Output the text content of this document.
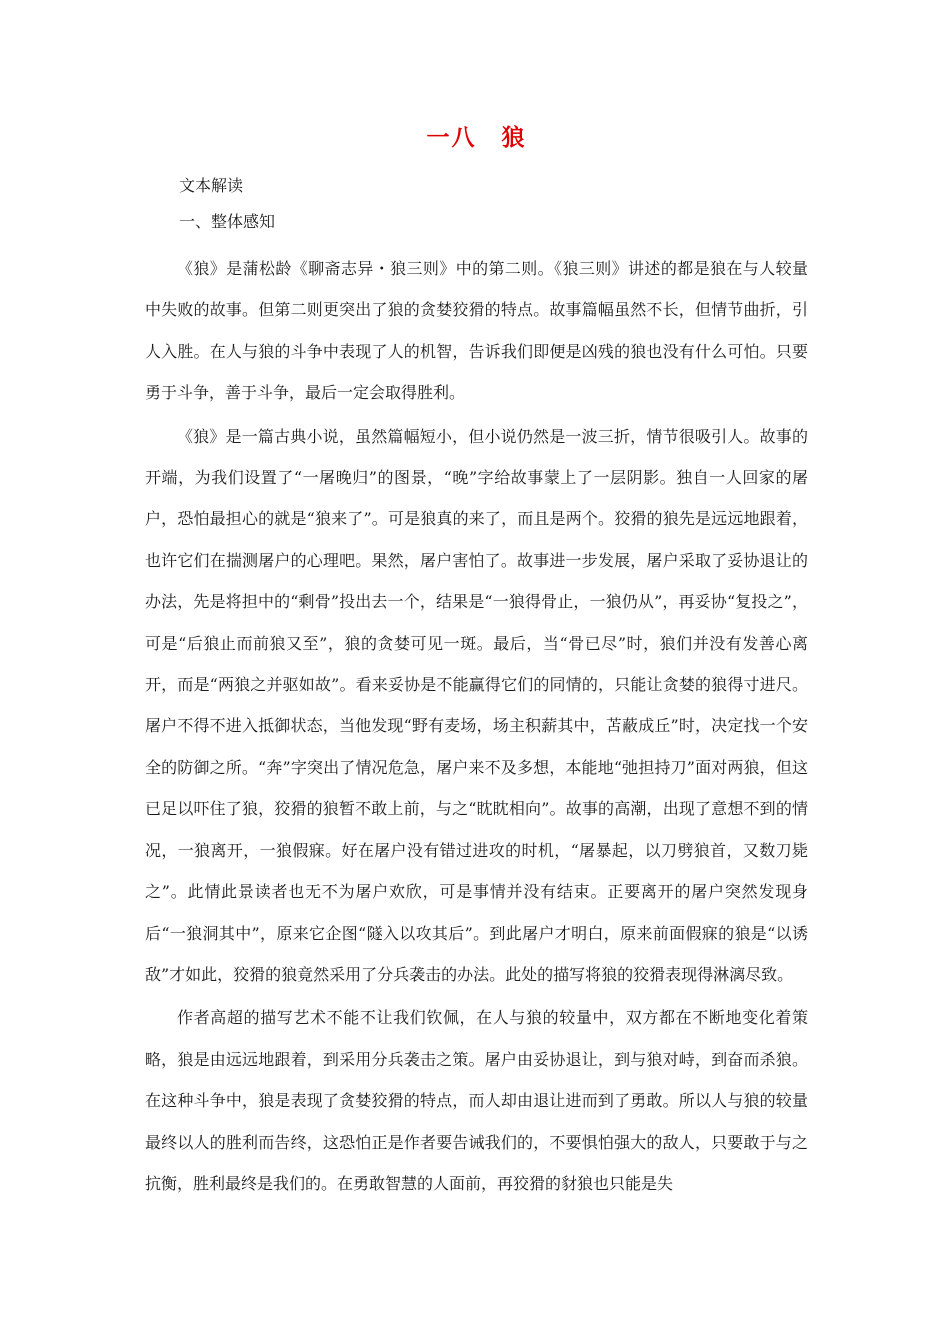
一八　狼
文本解读
一、整体感知

《狼》是蒲松龄《聊斋志异・狼三则》中的第二则。《狼三则》讲述的都是狼在与人较量中失败的故事。但第二则更突出了狼的贪婪狡猾的特点。故事篇幅虽然不长，但情节曲折，引人入胜。在人与狼的斗争中表现了人的机智，告诉我们即便是凶残的狼也没有什么可怕。只要勇于斗争，善于斗争，最后一定会取得胜利。

《狼》是一篇古典小说，虽然篇幅短小，但小说仍然是一波三折，情节很吸引人。故事的开端，为我们设置了“一屠晚归”的图景，“晚”字给故事蒙上了一层阴影。独自一人回家的屠户，恐怕最担心的就是“狼来了”。可是狼真的来了，而且是两个。狡猾的狼先是远远地跟着，也许它们在揣测屠户的心理吧。果然，屠户害怕了。故事进一步发展，屠户采取了妥协退让的办法，先是将担中的“剩骨”投出去一个，结果是“一狼得骨止，一狼仍从”，再妥协“复投之”，可是“后狼止而前狼又至”，狼的贪婪可见一斑。最后，当“骨已尽”时，狼们并没有发善心离开，而是“两狼之并驱如故”。看来妥协是不能赢得它们的同情的，只能让贪婪的狼得寸进尺。屠户不得不进入抵御状态，当他发现“野有麦场，场主积薪其中，苫蔽成丘”时，决定找一个安全的防御之所。“奔”字突出了情况危急，屠户来不及多想，本能地“弛担持刀”面对两狼，但这已足以吓住了狼，狡猾的狼暂不敢上前，与之“眈眈相向”。故事的高潮，出现了意想不到的情况，一狼离开，一狼假寐。好在屠户没有错过进攻的时机，“屠暴起，以刀劈狼首，又数刀毙之”。此情此景读者也无不为屠户欢欣，可是事情并没有结束。正要离开的屠户突然发现身后“一狼洞其中”，原来它企图“隧入以攻其后”。到此屠户才明白，原来前面假寐的狼是“以诱敌”才如此，狡猾的狼竟然采用了分兵袭击的办法。此处的描写将狼的狡猾表现得淋漓尽致。

作者高超的描写艺术不能不让我们钦佩，在人与狼的较量中，双方都在不断地变化着策略，狼是由远远地跟着，到采用分兵袭击之策。屠户由妥协退让，到与狼对峙，到奋而杀狼。在这种斗争中，狼是表现了贪婪狡猾的特点，而人却由退让进而到了勇敢。所以人与狼的较量最终以人的胜利而告终，这恐怕正是作者要告诫我们的，不要惧怕强大的敌人，只要敢于与之抗衡，胜利最终是我们的。在勇敢智慧的人面前，再狡猾的豺狼也只能是失
